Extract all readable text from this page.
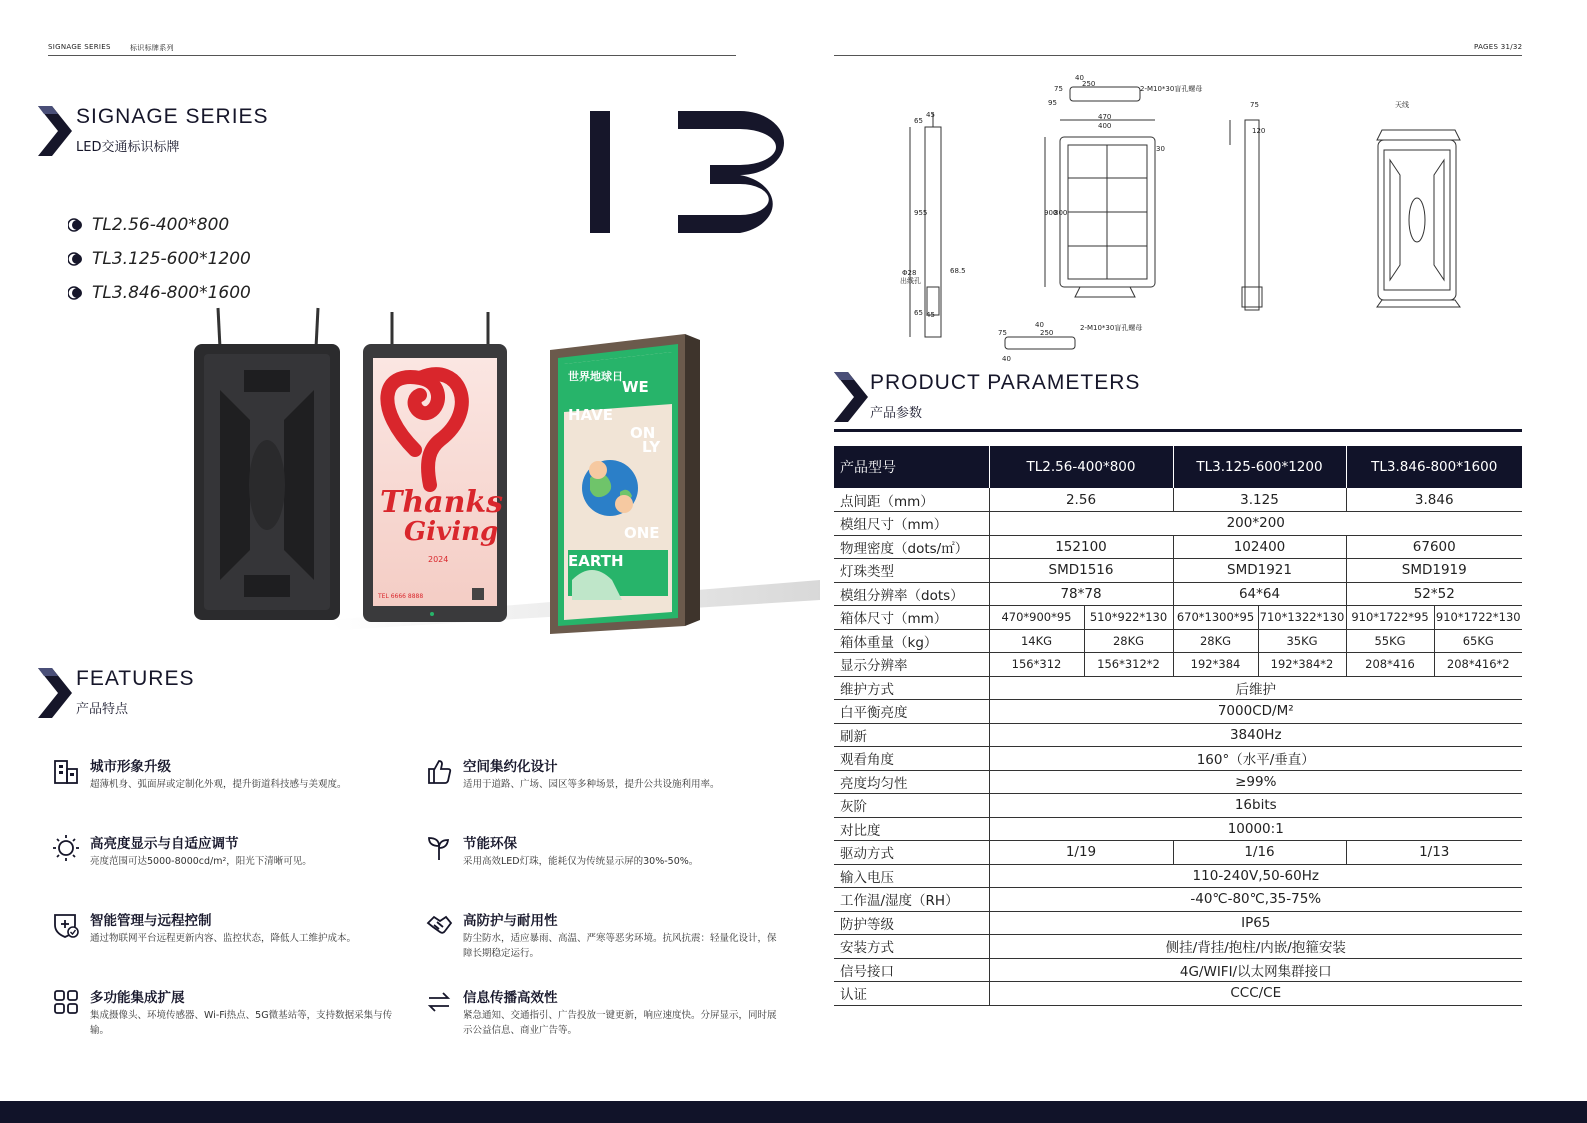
SIGNAGE SERIES	标识标牌系列	PAGES 31/32
SIGNAGE SERIES
LED交通标识标牌
TL2.56-400*800
TL3.125-600*1200
TL3.846-800*1600
Thanks
Giving
2024
TEL 6666 8888
世界地球日
WE
HAVE
ON
LY
ONE
EARTH
FEATURES
产品特点
城市形象升级
超薄机身、弧面屏或定制化外观，提升街道科技感与美观度。
空间集约化设计
适用于道路、广场、园区等多种场景，提升公共设施利用率。
高亮度显示与自适应调节
亮度范围可达5000-8000cd/m²，阳光下清晰可见。
节能环保
采用高效LED灯珠，能耗仅为传统显示屏的30%-50%。
智能管理与远程控制
通过物联网平台远程更新内容、监控状态，降低人工维护成本。
高防护与耐用性
防尘防水，适应暴雨、高温、严寒等恶劣环境。抗风抗震：轻量化设计，保障长期稳定运行。
多功能集成扩展
集成摄像头、环境传感器、Wi-Fi热点、5G微基站等，支持数据采集与传输。
信息传播高效性
紧急通知、交通指引、广告投放一键更新，响应速度快。分屏显示，同时展示公益信息、商业广告等。
40
250
2-M10*30盲孔螺母
75
470
400
30
45
65
955	900
800
Φ28
出线孔
68.5
75
120
天线
40
250
2-M10*30盲孔螺母
75
40
95
65 45
PRODUCT PARAMETERS
产品参数
产品型号	TL2.56-400*800		TL3.125-600*1200		TL3.846-800*1600	
点间距（mm）	2.56		3.125		3.846	
模组尺寸（mm）	200*200					
物理密度（dots/㎡）	152100		102400		67600	
灯珠类型	SMD1516		SMD1921		SMD1919	
模组分辨率（dots）	78*78		64*64		52*52	
箱体尺寸（mm）	470*900*95	510*922*130	670*1300*95	710*1322*130	910*1722*95	910*1722*130
箱体重量（kg）	14KG	28KG	28KG	35KG	55KG	65KG
显示分辨率	156*312	156*312*2	192*384	192*384*2	208*416	208*416*2
维护方式	后维护					
白平衡亮度	7000CD/M²					
刷新	3840Hz					
观看角度	160°（水平/垂直）					
亮度均匀性	≥99%					
灰阶	16bits					
对比度	10000:1					
驱动方式	1/19		1/16		1/13	
输入电压	110-240V,50-60Hz					
工作温/湿度（RH）	-40℃-80℃,35-75%					
防护等级	IP65					
安装方式	侧挂/背挂/抱柱/内嵌/抱箍安装					
信号接口	4G/WIFI/以太网集群接口					
认证	CCC/CE					
